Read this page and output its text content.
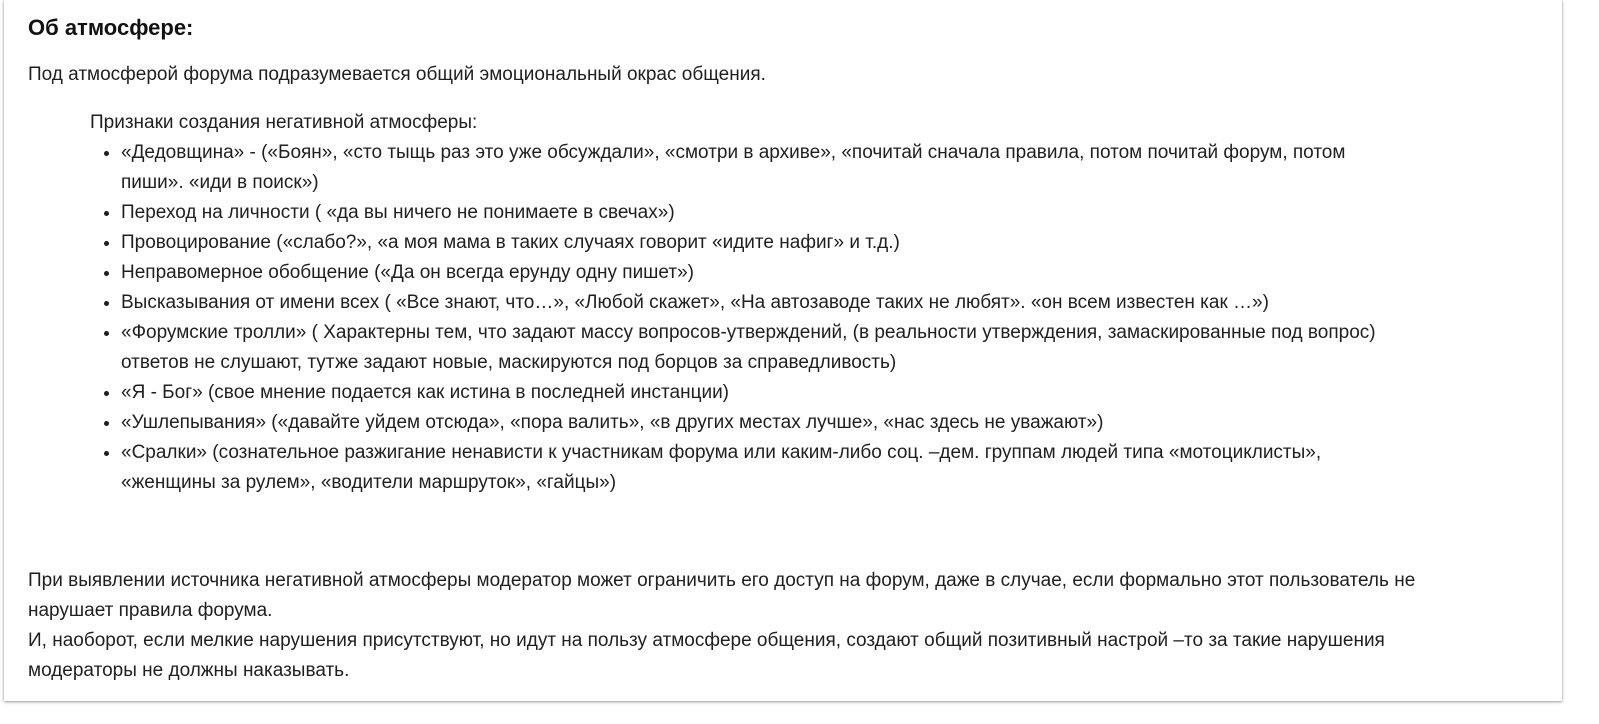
Об атмосфере:

Под атмосферой форума подразумевается общий эмоциональный окрас общения.

Признаки создания негативной атмосферы:

• «Дедовщина» - («Боян», «сто тыщь раз это уже обсуждали», «смотри в архиве», «почитай сначала правила, потом почитай форум, потом пиши». «иди в поиск»)
• Переход на личности ( «да вы ничего не понимаете в свечах»)
• Провоцирование («слабо?», «а моя мама в таких случаях говорит «идите нафиг» и т.д.)
• Неправомерное обобщение («Да он всегда ерунду одну пишет»)
• Высказывания от имени всех ( «Все знают, что…», «Любой скажет», «На автозаводе таких не любят». «он всем известен как …»)
• «Форумские тролли» ( Характерны тем, что задают массу вопросов-утверждений, (в реальности утверждения, замаскированные под вопрос) ответов не слушают, тутже задают новые, маскируются под борцов за справедливость)
• «Я - Бог» (свое мнение подается как истина в последней инстанции)
• «Ушлепывания» («давайте уйдем отсюда», «пора валить», «в других местах лучше», «нас здесь не уважают»)
• «Сралки» (сознательное разжигание ненависти к участникам форума или каким-либо соц. –дем. группам людей типа «мотоциклисты», «женщины за рулем», «водители маршруток», «гайцы»)

При выявлении источника негативной атмосферы модератор может ограничить его доступ на форум, даже в случае, если формально этот пользователь не нарушает правила форума.

И, наоборот, если мелкие нарушения присутствуют, но идут на пользу атмосфере общения, создают общий позитивный настрой –то за такие нарушения модераторы не должны наказывать.
